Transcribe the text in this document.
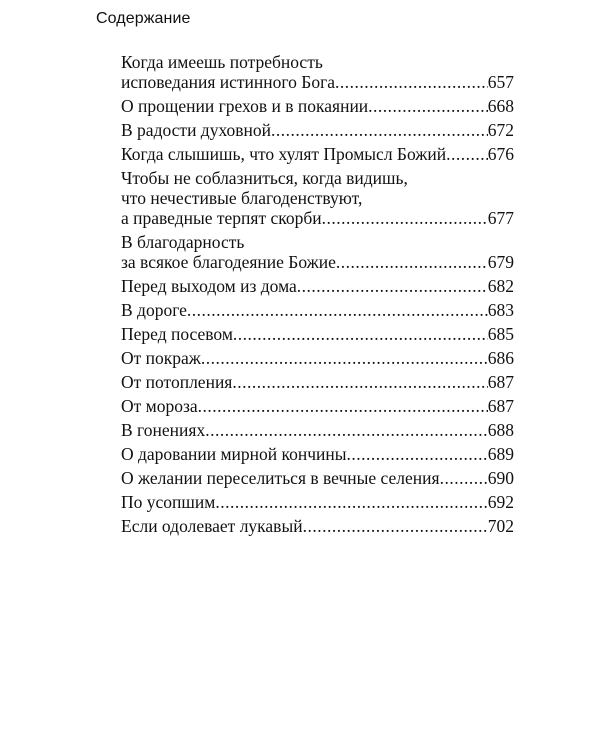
Содержание
Когда имеешь потребность
исповедания истинного Бога .....	657
О прощении грехов и в покаянии .....	668
В радости духовной .....	672
Когда слышишь, что хулят Промысл Божий ..... 676
Чтобы не соблазниться, когда видишь,
что нечестивые благоденствуют,
а праведные терпят скорби .....	677
В благодарность
за всякое благодеяние Божие .....	679
Перед выходом из дома .....	682
В дороге .....	683
Перед посевом .....	685
От покраж .....	686
От потопления .....	687
От мороза .....	687
В гонениях .....	688
О даровании мирной кончины .....	689
О желании переселиться в вечные селения .....	690
По усопшим .....	692
Если одолевает лукавый .....	702
